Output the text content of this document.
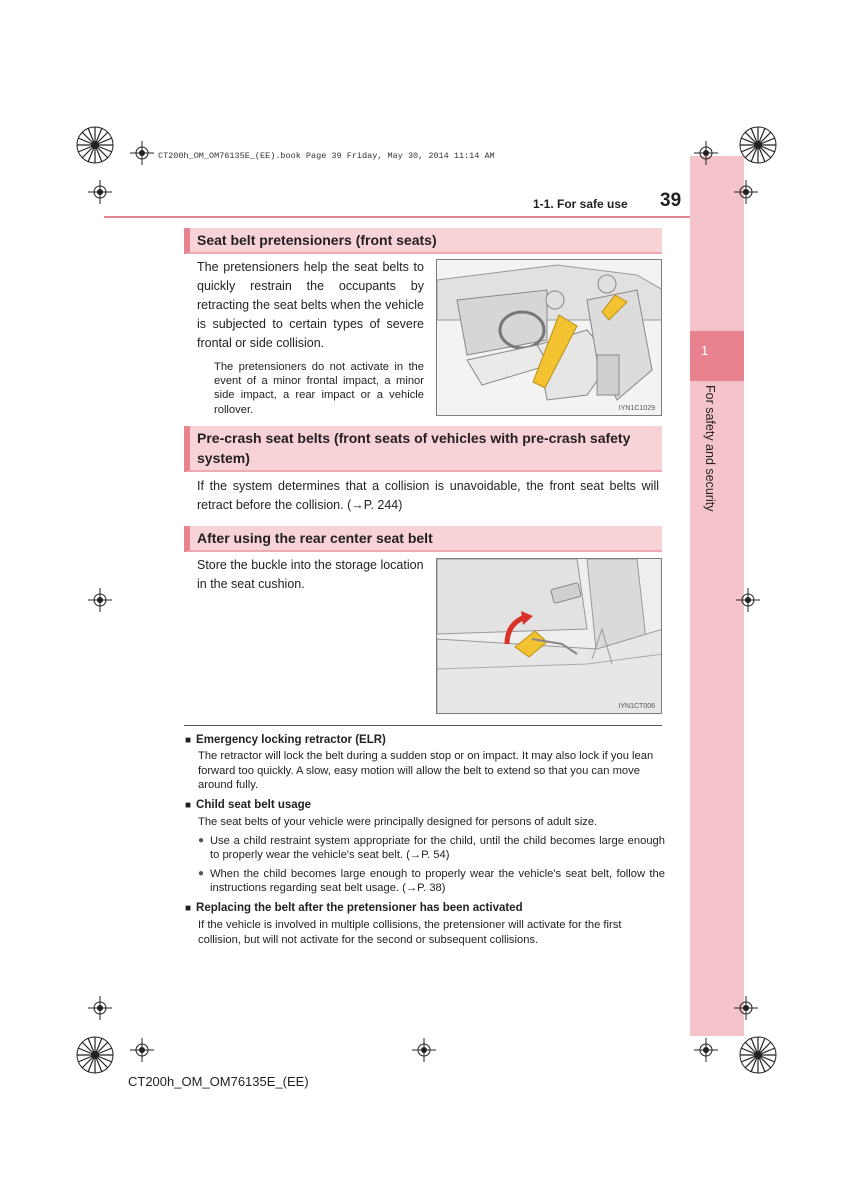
1
For safety and security
CT200h_OM_OM76135E_(EE).book Page 39 Friday, May 30, 2014 11:14 AM
1-1. For safe use 39
Seat belt pretensioners (front seats)
The pretensioners help the seat belts to quickly restrain the occupants by retracting the seat belts when the vehicle is subjected to certain types of severe frontal or side collision.
The pretensioners do not activate in the event of a minor frontal impact, a minor side impact, a rear impact or a vehicle rollover.	IYN1C1029
Pre-crash seat belts (front seats of vehicles with pre-crash safety system)
If the system determines that a collision is unavoidable, the front seat belts will retract before the collision. (→P. 244)
After using the rear center seat belt
Store the buckle into the storage location in the seat cushion.
IYN1CT006
■ Emergency locking retractor (ELR)
The retractor will lock the belt during a sudden stop or on impact. It may also lock if you lean forward too quickly. A slow, easy motion will allow the belt to extend so that you can move around fully.
■ Child seat belt usage
The seat belts of your vehicle were principally designed for persons of adult size.
● Use a child restraint system appropriate for the child, until the child becomes large enough to properly wear the vehicle's seat belt. (→P. 54)
● When the child becomes large enough to properly wear the vehicle's seat belt, follow the instructions regarding seat belt usage. (→P. 38)
■ Replacing the belt after the pretensioner has been activated
If the vehicle is involved in multiple collisions, the pretensioner will activate for the first collision, but will not activate for the second or subsequent collisions.
CT200h_OM_OM76135E_(EE)
